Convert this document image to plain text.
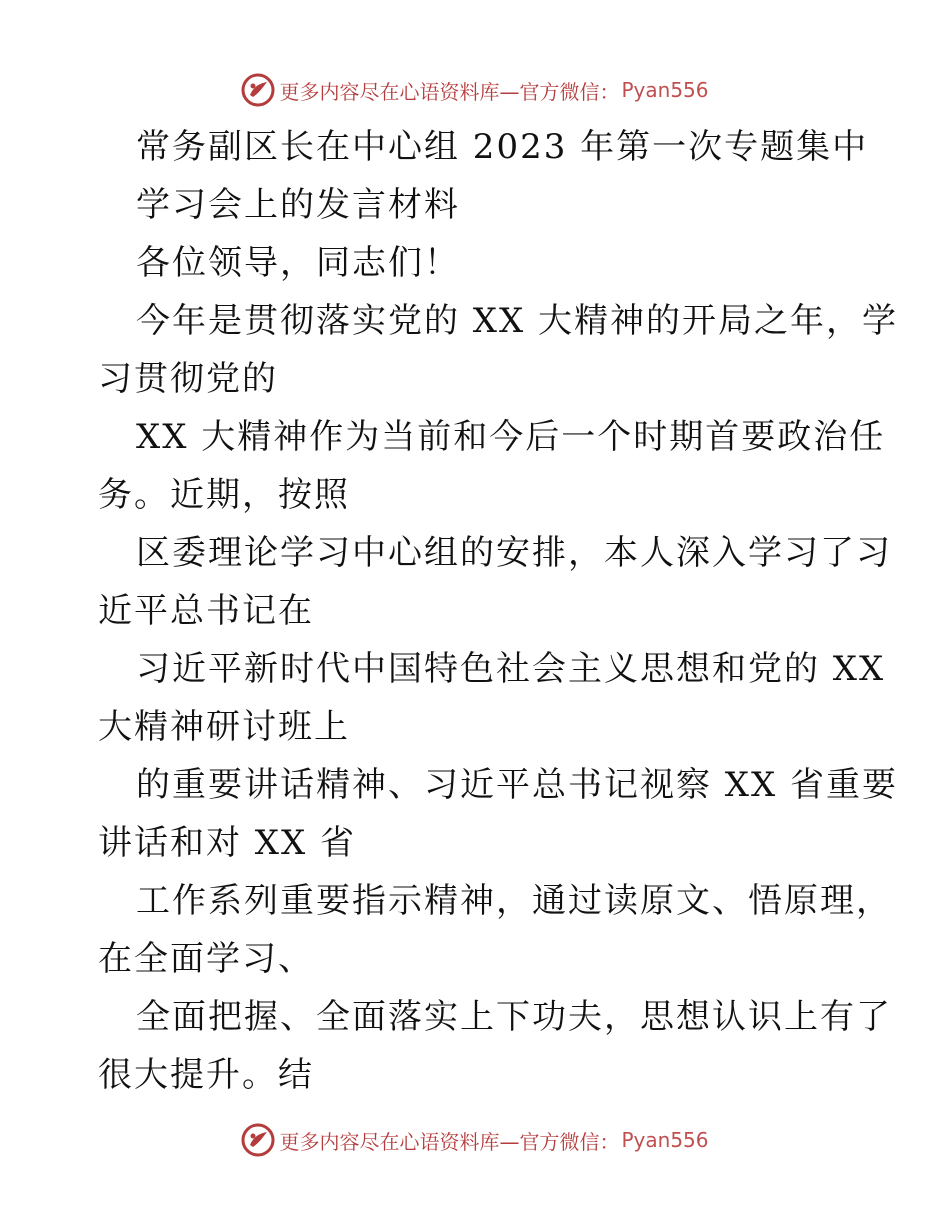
更多内容尽在心语资料库—官方微信： Pyan556
常务副区长在中心组 2023 年第一次专题集中
学习会上的发言材料
各位领导，同志们！
今年是贯彻落实党的 XX 大精神的开局之年，学
习贯彻党的
XX 大精神作为当前和今后一个时期首要政治任
务。近期，按照
区委理论学习中心组的安排，本人深入学习了习
近平总书记在
习近平新时代中国特色社会主义思想和党的 XX
大精神研讨班上
的重要讲话精神、习近平总书记视察 XX 省重要
讲话和对 XX 省
工作系列重要指示精神，通过读原文、悟原理，
在全面学习、
全面把握、全面落实上下功夫，思想认识上有了
很大提升。结
更多内容尽在心语资料库—官方微信： Pyan556
